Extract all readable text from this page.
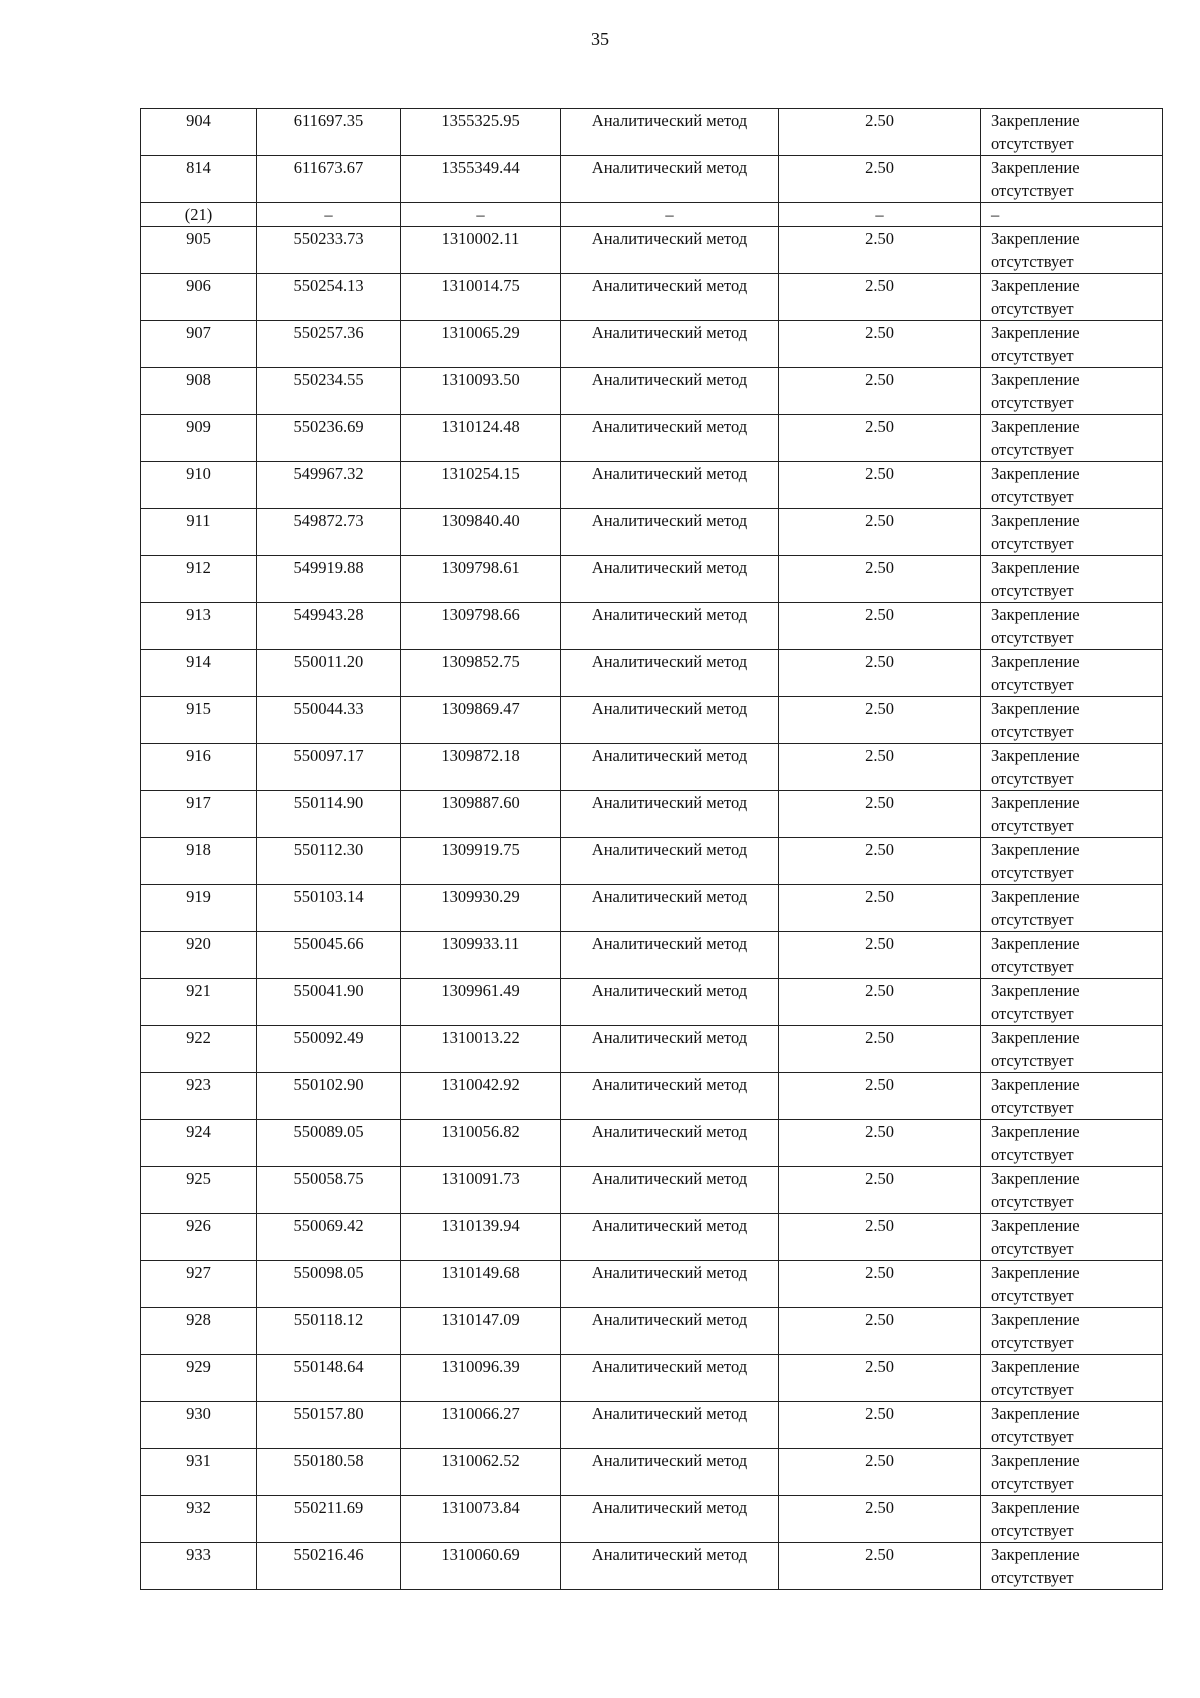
35
904	611697.35	1355325.95	Аналитический метод	2.50	Закрепление отсутствует
814	611673.67	1355349.44	Аналитический метод	2.50	Закрепление отсутствует
(21)	–	–	–	–	–
905	550233.73	1310002.11	Аналитический метод	2.50	Закрепление отсутствует
906	550254.13	1310014.75	Аналитический метод	2.50	Закрепление отсутствует
907	550257.36	1310065.29	Аналитический метод	2.50	Закрепление отсутствует
908	550234.55	1310093.50	Аналитический метод	2.50	Закрепление отсутствует
909	550236.69	1310124.48	Аналитический метод	2.50	Закрепление отсутствует
910	549967.32	1310254.15	Аналитический метод	2.50	Закрепление отсутствует
911	549872.73	1309840.40	Аналитический метод	2.50	Закрепление отсутствует
912	549919.88	1309798.61	Аналитический метод	2.50	Закрепление отсутствует
913	549943.28	1309798.66	Аналитический метод	2.50	Закрепление отсутствует
914	550011.20	1309852.75	Аналитический метод	2.50	Закрепление отсутствует
915	550044.33	1309869.47	Аналитический метод	2.50	Закрепление отсутствует
916	550097.17	1309872.18	Аналитический метод	2.50	Закрепление отсутствует
917	550114.90	1309887.60	Аналитический метод	2.50	Закрепление отсутствует
918	550112.30	1309919.75	Аналитический метод	2.50	Закрепление отсутствует
919	550103.14	1309930.29	Аналитический метод	2.50	Закрепление отсутствует
920	550045.66	1309933.11	Аналитический метод	2.50	Закрепление отсутствует
921	550041.90	1309961.49	Аналитический метод	2.50	Закрепление отсутствует
922	550092.49	1310013.22	Аналитический метод	2.50	Закрепление отсутствует
923	550102.90	1310042.92	Аналитический метод	2.50	Закрепление отсутствует
924	550089.05	1310056.82	Аналитический метод	2.50	Закрепление отсутствует
925	550058.75	1310091.73	Аналитический метод	2.50	Закрепление отсутствует
926	550069.42	1310139.94	Аналитический метод	2.50	Закрепление отсутствует
927	550098.05	1310149.68	Аналитический метод	2.50	Закрепление отсутствует
928	550118.12	1310147.09	Аналитический метод	2.50	Закрепление отсутствует
929	550148.64	1310096.39	Аналитический метод	2.50	Закрепление отсутствует
930	550157.80	1310066.27	Аналитический метод	2.50	Закрепление отсутствует
931	550180.58	1310062.52	Аналитический метод	2.50	Закрепление отсутствует
932	550211.69	1310073.84	Аналитический метод	2.50	Закрепление отсутствует
933	550216.46	1310060.69	Аналитический метод	2.50	Закрепление отсутствует
